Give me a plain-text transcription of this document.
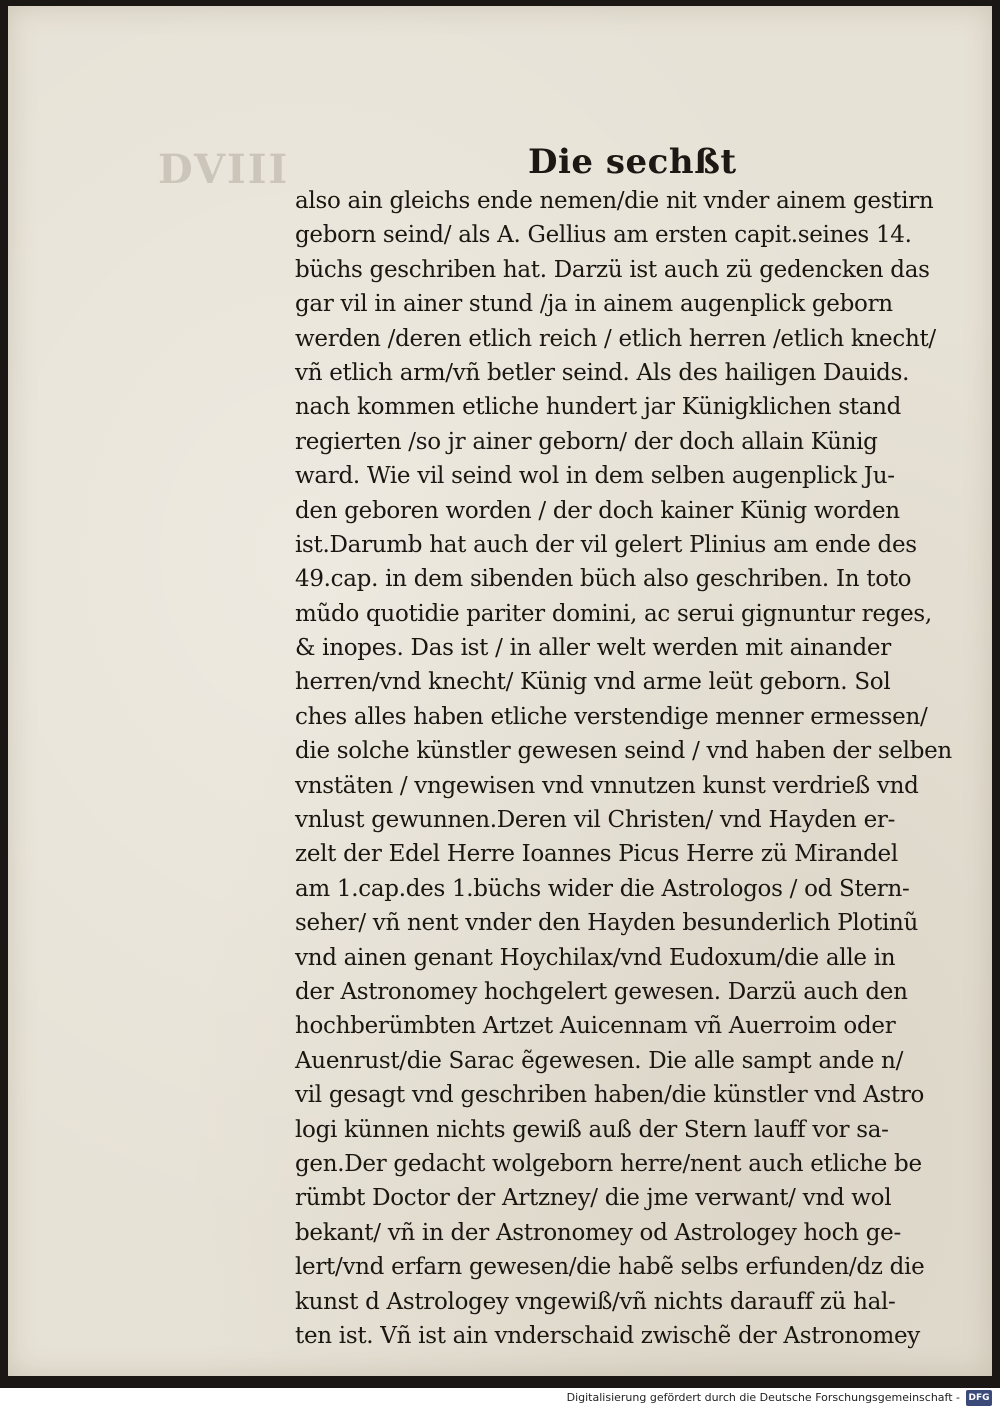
DVIII	Die sechßt
also ain gleichs ende nemen/die nit vnder ainem gestirn
geborn seind/ als A. Gellius am ersten capit.seines 14.
büchs geschriben hat. Darzü ist auch zü gedencken das
gar vil in ainer stund /ja in ainem augenplick geborn
werden /deren etlich reich / etlich herren /etlich knecht/
vñ etlich arm/vñ betler seind. Als des hailigen Dauids.
nach kommen etliche hundert jar Künigklichen stand
regierten /so jr ainer geborn/ der doch allain Künig
ward. Wie vil seind wol in dem selben augenplick Ju-
den geboren worden / der doch kainer Künig worden
ist.Darumb hat auch der vil gelert Plinius am ende des
49.cap. in dem sibenden büch also geschriben. In toto
mũdo quotidie pariter domini, ac serui gignuntur reges,
& inopes. Das ist / in aller welt werden mit ainander
herren/vnd knecht/ Künig vnd arme leüt geborn. Sol
ches alles haben etliche verstendige menner ermessen/
die solche künstler gewesen seind / vnd haben der selben
vnstäten / vngewisen vnd vnnutzen kunst verdrieß vnd
vnlust gewunnen.Deren vil Christen/ vnd Hayden er-
zelt der Edel Herre Ioannes Picus Herre zü Mirandel
am 1.cap.des 1.büchs wider die Astrologos / od Stern-
seher/ vñ nent vnder den Hayden besunderlich Plotinũ
vnd ainen genant Hoychilax/vnd Eudoxum/die alle in
der Astronomey hochgelert gewesen. Darzü auch den
hochberümbten Artzet Auicennam vñ Auerroim oder
Auenrust/die Sarac ẽgewesen. Die alle sampt ande n/
vil gesagt vnd geschriben haben/die künstler vnd Astro
logi künnen nichts gewiß auß der Stern lauff vor sa-
gen.Der gedacht wolgeborn herre/nent auch etliche be
rümbt Doctor der Artzney/ die jme verwant/ vnd wol
bekant/ vñ in der Astronomey od Astrologey hoch ge-
lert/vnd erfarn gewesen/die habẽ selbs erfunden/dz die
kunst d Astrologey vngewiß/vñ nichts darauff zü hal-
ten ist. Vñ ist ain vnderschaid zwischẽ der Astronomey
Digitalisierung gefördert durch die Deutsche Forschungsgemeinschaft - DFG
